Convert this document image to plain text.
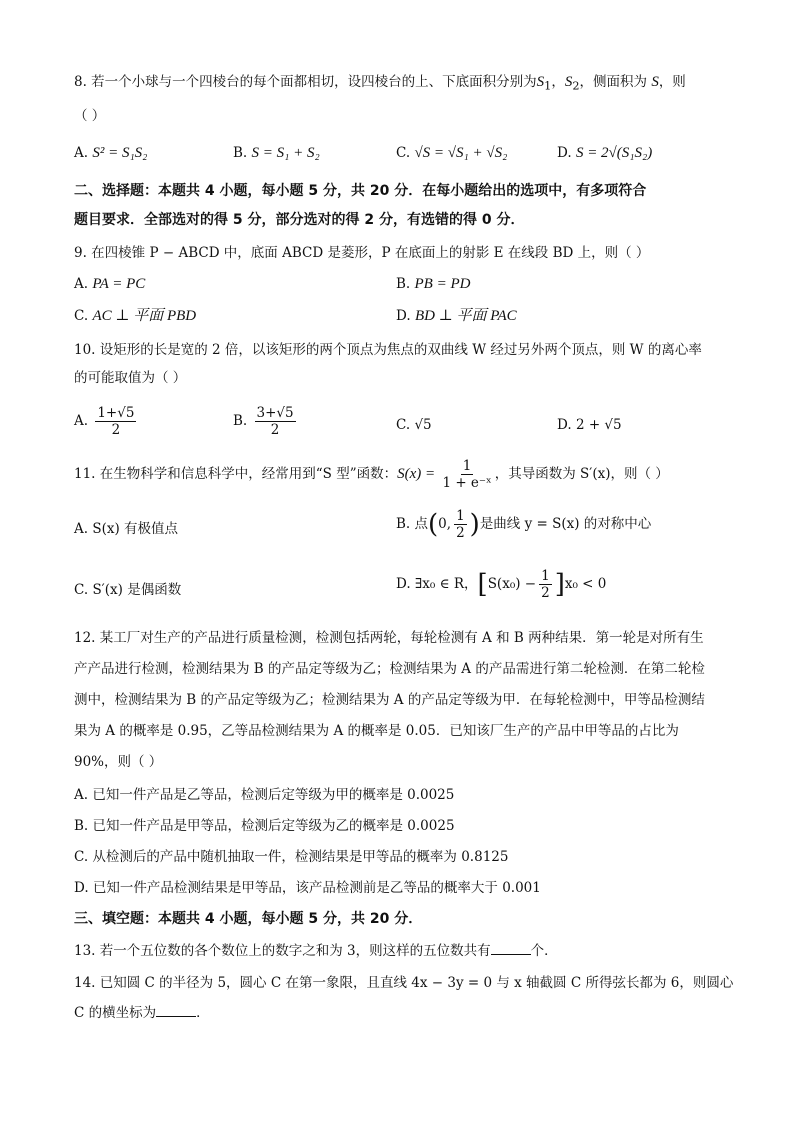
8. 若一个小球与一个四棱台的每个面都相切，设四棱台的上、下底面积分别为$S_1$，$S_2$，侧面积为 S，则
（ ）
A. S² = S₁S₂	B. S = S₁ + S₂	C. √S = √S₁ + √S₂	D. S = 2√(S₁S₂)
二、选择题：本题共 4 小题，每小题 5 分，共 20 分．在每小题给出的选项中，有多项符合
题目要求．全部选对的得 5 分，部分选对的得 2 分，有选错的得 0 分．
9. 在四棱锥 P − ABCD 中，底面 ABCD 是菱形，P 在底面上的射影 E 在线段 BD 上，则（ ）
A. PA = PC	B. PB = PD
C. AC ⊥ 平面 PBD	D. BD ⊥ 平面 PAC
10. 设矩形的长是宽的 2 倍，以该矩形的两个顶点为焦点的双曲线 W 经过另外两个顶点，则 W 的离心率
的可能取值为（ ）
A. $\frac{1+√5}{2}$	B. $\frac{3+√5}{2}$	C. √5	D. 2 + √5
11. 在生物科学和信息科学中，经常用到“S 型”函数：$S(x) = \frac{1}{\text{1 + e⁻ˣ}}$ ，其导函数为 S′(x)，则（ ）
A. S(x) 有极值点	B. 点(0, $\frac{1}{2}$ )是曲线 y = S(x) 的对称中心
C. S′(x) 是偶函数	D. ∃x₀ ∈ R，$[S(x_0) - \frac{1}{2} ]x_0 < 0$
12. 某工厂对生产的产品进行质量检测，检测包括两轮，每轮检测有 A 和 B 两种结果．第一轮是对所有生
产产品进行检测，检测结果为 B 的产品定等级为乙；检测结果为 A 的产品需进行第二轮检测．在第二轮检
测中，检测结果为 B 的产品定等级为乙；检测结果为 A 的产品定等级为甲．在每轮检测中，甲等品检测结
果为 A 的概率是 0.95，乙等品检测结果为 A 的概率是 0.05．已知该厂生产的产品中甲等品的占比为
90%，则（ ）
A. 已知一件产品是乙等品，检测后定等级为甲的概率是 0.0025
B. 已知一件产品是甲等品，检测后定等级为乙的概率是 0.0025
C. 从检测后的产品中随机抽取一件，检测结果是甲等品的概率为 0.8125
D. 已知一件产品检测结果是甲等品，该产品检测前是乙等品的概率大于 0.001
三、填空题：本题共 4 小题，每小题 5 分，共 20 分．
13. 若一个五位数的各个数位上的数字之和为 3，则这样的五位数共有	个．
14. 已知圆 C 的半径为 5，圆心 C 在第一象限，且直线 4x − 3y = 0 与 x 轴截圆 C 所得弦长都为 6，则圆心
C 的横坐标为	．
